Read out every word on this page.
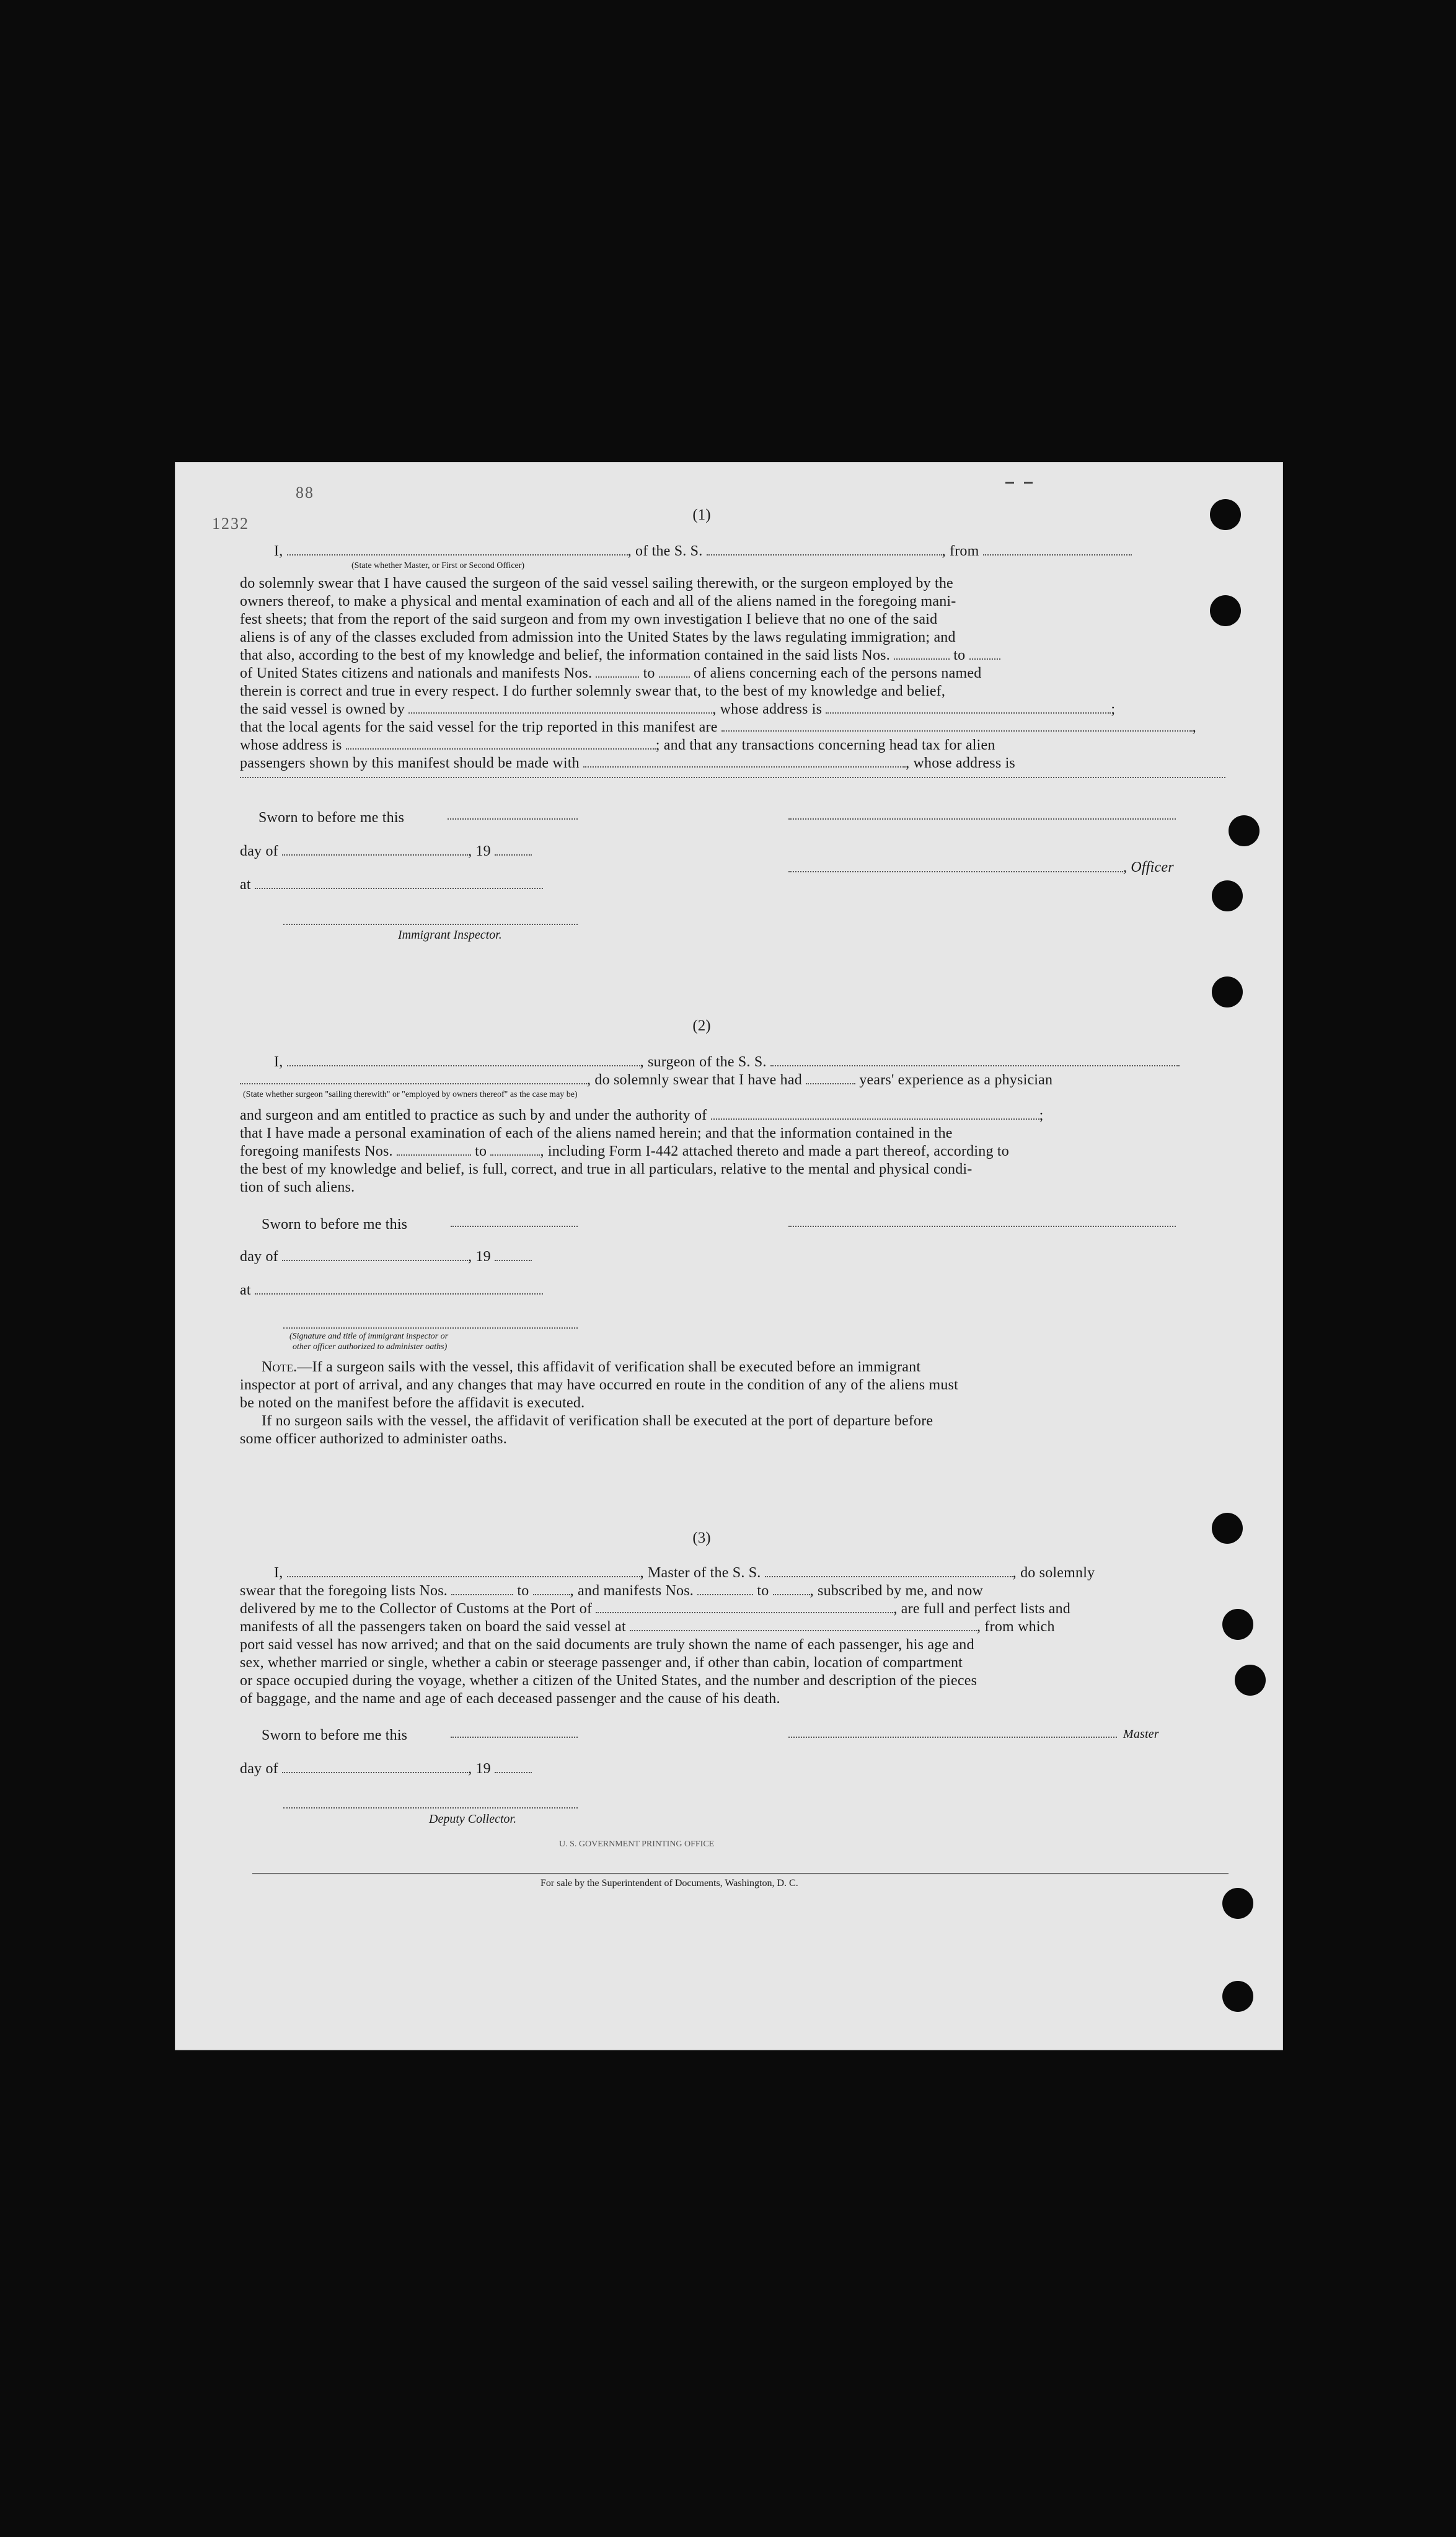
1232
88
(1)
I,	, of the S. S.	, from
(State whether Master, or First or Second Officer)
do solemnly swear that I have caused the surgeon of the said vessel sailing therewith, or the surgeon employed by the
owners thereof, to make a physical and mental examination of each and all of the aliens named in the foregoing mani-
fest sheets; that from the report of the said surgeon and from my own investigation I believe that no one of the said
aliens is of any of the classes excluded from admission into the United States by the laws regulating immigration; and
that also, according to the best of my knowledge and belief, the information contained in the said lists Nos.	to
of United States citizens and nationals and manifests Nos.	to	of aliens concerning each of the persons named
therein is correct and true in every respect. I do further solemnly swear that, to the best of my knowledge and belief,
the said vessel is owned by	, whose address is	;
that the local agents for the said vessel for the trip reported in this manifest are	,
whose address is	; and that any transactions concerning head tax for alien
passengers shown by this manifest should be made with	, whose address is
Sworn to before me this
day of	, 19
, Officer
at
Immigrant Inspector.
(2)
I,	, surgeon of the S. S.
, do solemnly swear that I have had	years' experience as a physician
(State whether surgeon "sailing therewith" or "employed by owners thereof" as the case may be)
and surgeon and am entitled to practice as such by and under the authority of	;
that I have made a personal examination of each of the aliens named herein; and that the information contained in the
foregoing manifests Nos.	to	, including Form I-442 attached thereto and made a part thereof, according to
the best of my knowledge and belief, is full, correct, and true in all particulars, relative to the mental and physical condi-
tion of such aliens.
Sworn to before me this
day of	, 19
at
(Signature and title of immigrant inspector or
other officer authorized to administer oaths)
Note.—If a surgeon sails with the vessel, this affidavit of verification shall be executed before an immigrant
inspector at port of arrival, and any changes that may have occurred en route in the condition of any of the aliens must
be noted on the manifest before the affidavit is executed.
If no surgeon sails with the vessel, the affidavit of verification shall be executed at the port of departure before
some officer authorized to administer oaths.
(3)
I,	, Master of the S. S.	, do solemnly
swear that the foregoing lists Nos.	to	, and manifests Nos.	to	, subscribed by me, and now
delivered by me to the Collector of Customs at the Port of	, are full and perfect lists and
manifests of all the passengers taken on board the said vessel at	, from which
port said vessel has now arrived; and that on the said documents are truly shown the name of each passenger, his age and
sex, whether married or single, whether a cabin or steerage passenger and, if other than cabin, location of compartment
or space occupied during the voyage, whether a citizen of the United States, and the number and description of the pieces
of baggage, and the name and age of each deceased passenger and the cause of his death.
Sworn to before me this	Master
day of	, 19
Deputy Collector.
U. S. GOVERNMENT PRINTING OFFICE
For sale by the Superintendent of Documents, Washington, D. C.
